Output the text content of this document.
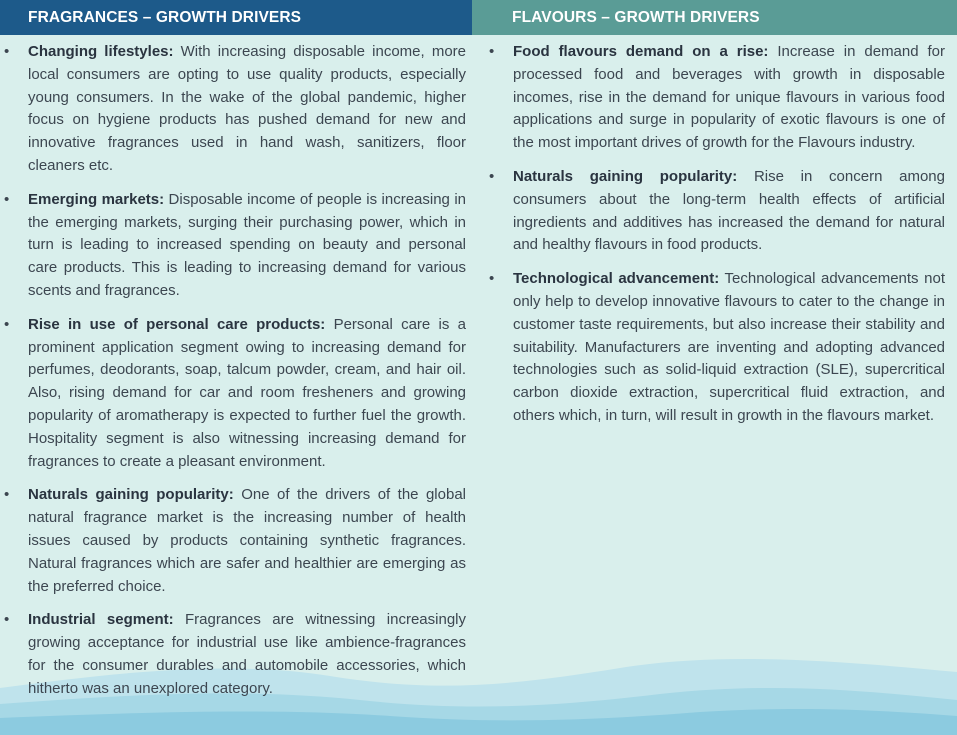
FRAGRANCES – GROWTH DRIVERS	FLAVOURS – GROWTH DRIVERS
• Changing lifestyles: With increasing disposable income, more local consumers are opting to use quality products, especially young consumers. In the wake of the global pandemic, higher focus on hygiene products has pushed demand for new and innovative fragrances used in hand wash, sanitizers, floor cleaners etc.
• Emerging markets: Disposable income of people is increasing in the emerging markets, surging their purchasing power, which in turn is leading to increased spending on beauty and personal care products. This is leading to increasing demand for various scents and fragrances.
• Rise in use of personal care products: Personal care is a prominent application segment owing to increasing demand for perfumes, deodorants, soap, talcum powder, cream, and hair oil. Also, rising demand for car and room fresheners and growing popularity of aromatherapy is expected to further fuel the growth. Hospitality segment is also witnessing increasing demand for fragrances to create a pleasant environment.
• Naturals gaining popularity: One of the drivers of the global natural fragrance market is the increasing number of health issues caused by products containing synthetic fragrances. Natural fragrances which are safer and healthier are emerging as the preferred choice.
• Industrial segment: Fragrances are witnessing increasingly growing acceptance for industrial use like ambience-fragrances for the consumer durables and automobile accessories, which hitherto was an unexplored category.
• Food flavours demand on a rise: Increase in demand for processed food and beverages with growth in disposable incomes, rise in the demand for unique flavours in various food applications and surge in popularity of exotic flavours is one of the most important drives of growth for the Flavours industry.
• Naturals gaining popularity: Rise in concern among consumers about the long-term health effects of artificial ingredients and additives has increased the demand for natural and healthy flavours in food products.
• Technological advancement: Technological advancements not only help to develop innovative flavours to cater to the change in customer taste requirements, but also increase their stability and suitability. Manufacturers are inventing and adopting advanced technologies such as solid-liquid extraction (SLE), supercritical carbon dioxide extraction, supercritical fluid extraction, and others which, in turn, will result in growth in the flavours market.
